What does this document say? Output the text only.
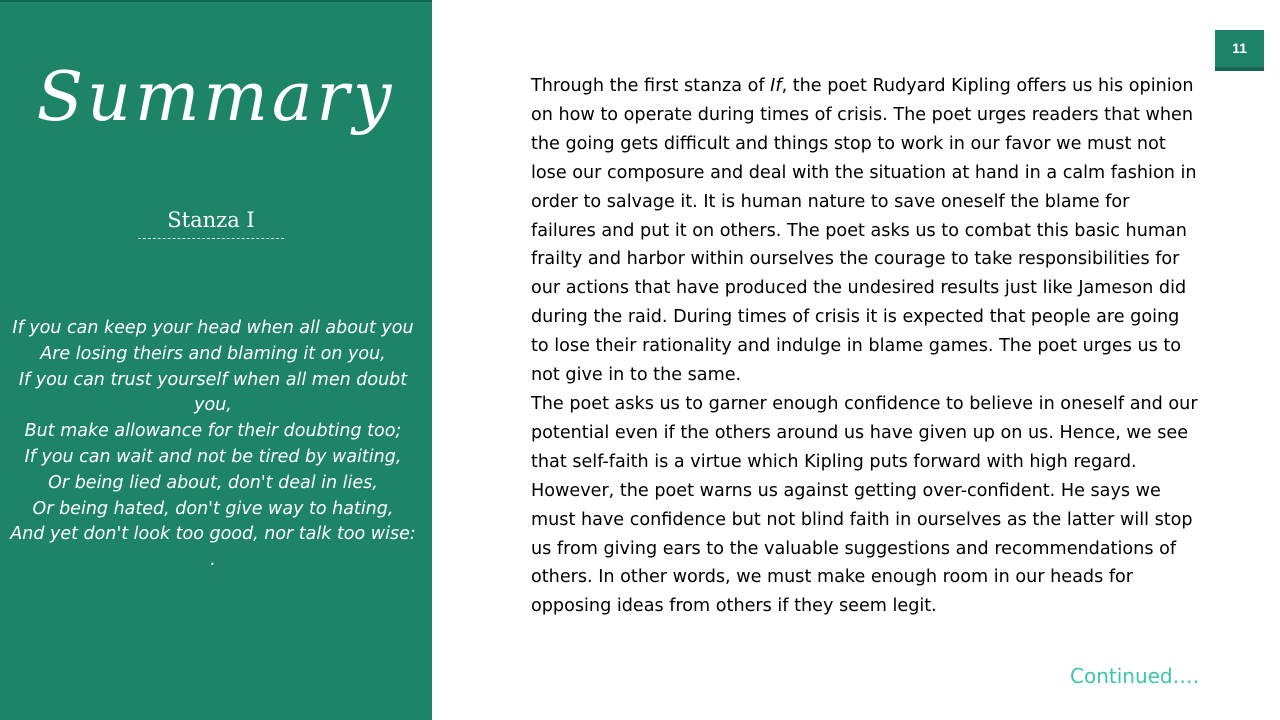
Summary
Stanza I
If you can keep your head when all about you
Are losing theirs and blaming it on you,
If you can trust yourself when all men doubt you,
But make allowance for their doubting too;
If you can wait and not be tired by waiting,
Or being lied about, don't deal in lies,
Or being hated, don't give way to hating,
And yet don't look too good, nor talk too wise:
.
11

Through the first stanza of If, the poet Rudyard Kipling offers us his opinion on how to operate during times of crisis. The poet urges readers that when the going gets difficult and things stop to work in our favor we must not lose our composure and deal with the situation at hand in a calm fashion in order to salvage it. It is human nature to save oneself the blame for failures and put it on others. The poet asks us to combat this basic human frailty and harbor within ourselves the courage to take responsibilities for our actions that have produced the undesired results just like Jameson did during the raid. During times of crisis it is expected that people are going to lose their rationality and indulge in blame games. The poet urges us to not give in to the same.

The poet asks us to garner enough confidence to believe in oneself and our potential even if the others around us have given up on us. Hence, we see that self-faith is a virtue which Kipling puts forward with high regard. However, the poet warns us against getting over-confident. He says we must have confidence but not blind faith in ourselves as the latter will stop us from giving ears to the valuable suggestions and recommendations of others. In other words, we must make enough room in our heads for opposing ideas from others if they seem legit.

Continued….
